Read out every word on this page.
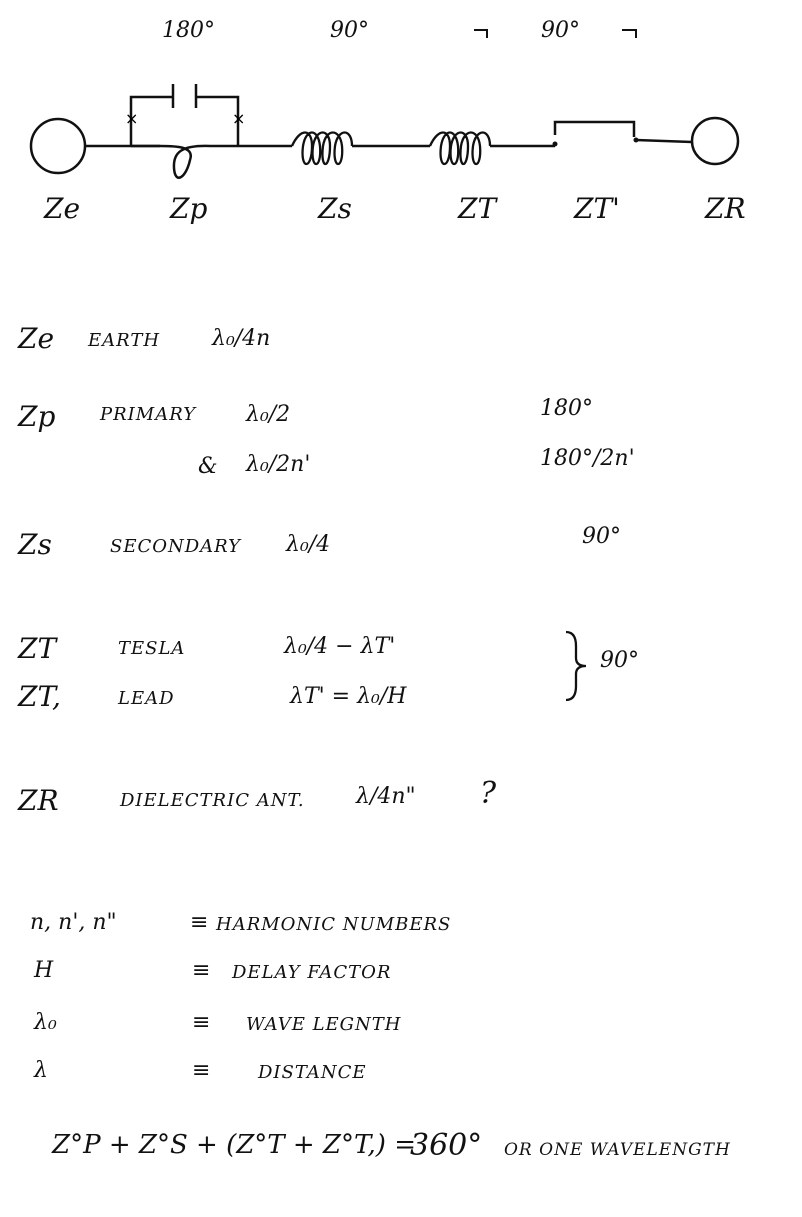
×	×
180°	90°	90°
Ze	Zp	Zs	ZT	ZT'	ZR
Ze EARTH λ₀/4n
Zp PRIMARY λ₀/2	180°
& λ₀/2n'	180°/2n'
Zs	SECONDARY λ₀/4	90°
ZT	TESLA	λ₀/4 − λT'
ZT,	LEAD	λT' = λ₀/H
90°
ZR	DIELECTRIC ANT. λ/4n" ?
n, n', n"	≡ HARMONIC NUMBERS
H	≡ DELAY FACTOR
λ₀	≡ WAVE LEGNTH
λ	≡	DISTANCE
Z°P + Z°S + (Z°T + Z°T,) =
360° OR ONE WAVELENGTH
